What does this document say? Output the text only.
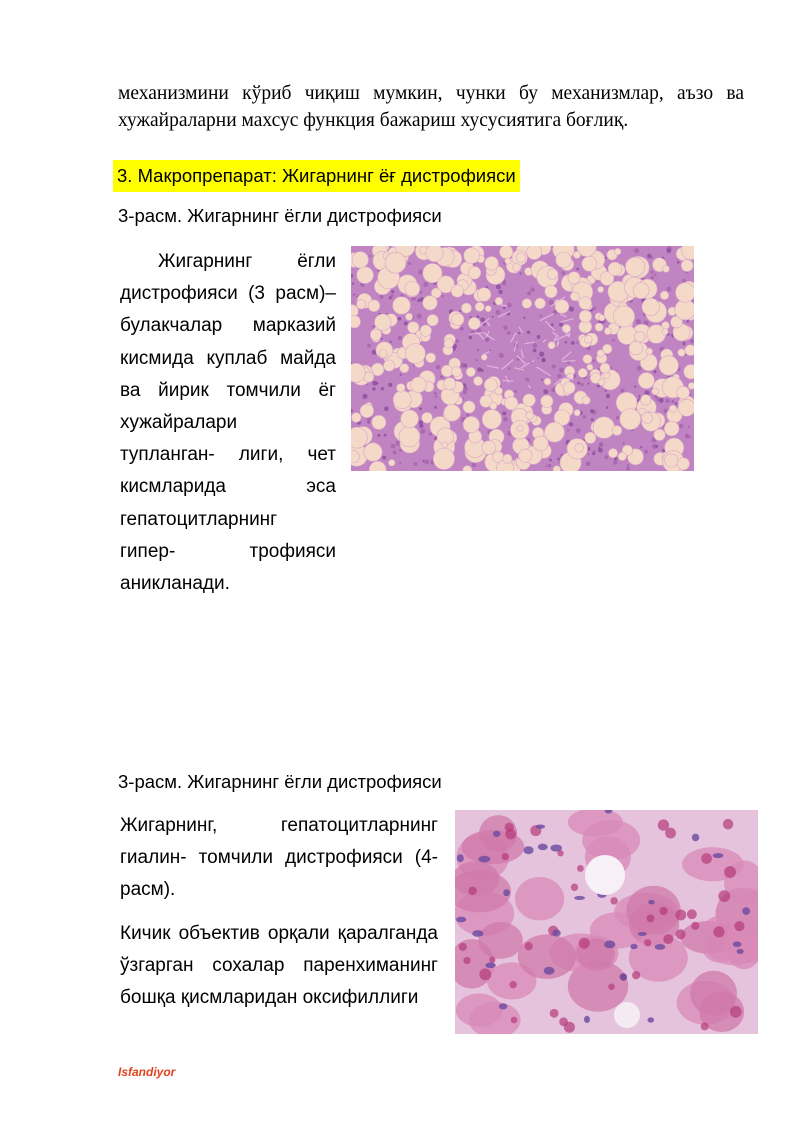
механизмини кўриб чиқиш мумкин, чунки бу механизмлар, аъзо ва хужайраларни махсус функция бажариш хусусиятига боғлиқ.
3. Макропрепарат: Жигарнинг ёғ дистрофияси
3-расм. Жигарнинг ёгли дистрофияси

Жигарнинг ёгли дистрофияси (3 расм)– булакчалар марказий кисмида куплаб майда ва йирик томчили ёг хужайралари тупланган- лиги, чет кисмларида эса гепатоцитларнинг гипер- трофияси аникланади.

3-расм. Жигарнинг ёгли дистрофияси

Жигарнинг, гепатоцитларнинг гиалин- томчили дистрофияси (4-расм).

Кичик объектив орқали қаралганда ўзгарган сохалар паренхиманинг бошқа қисмларидан оксифиллиги

Isfandiyor
